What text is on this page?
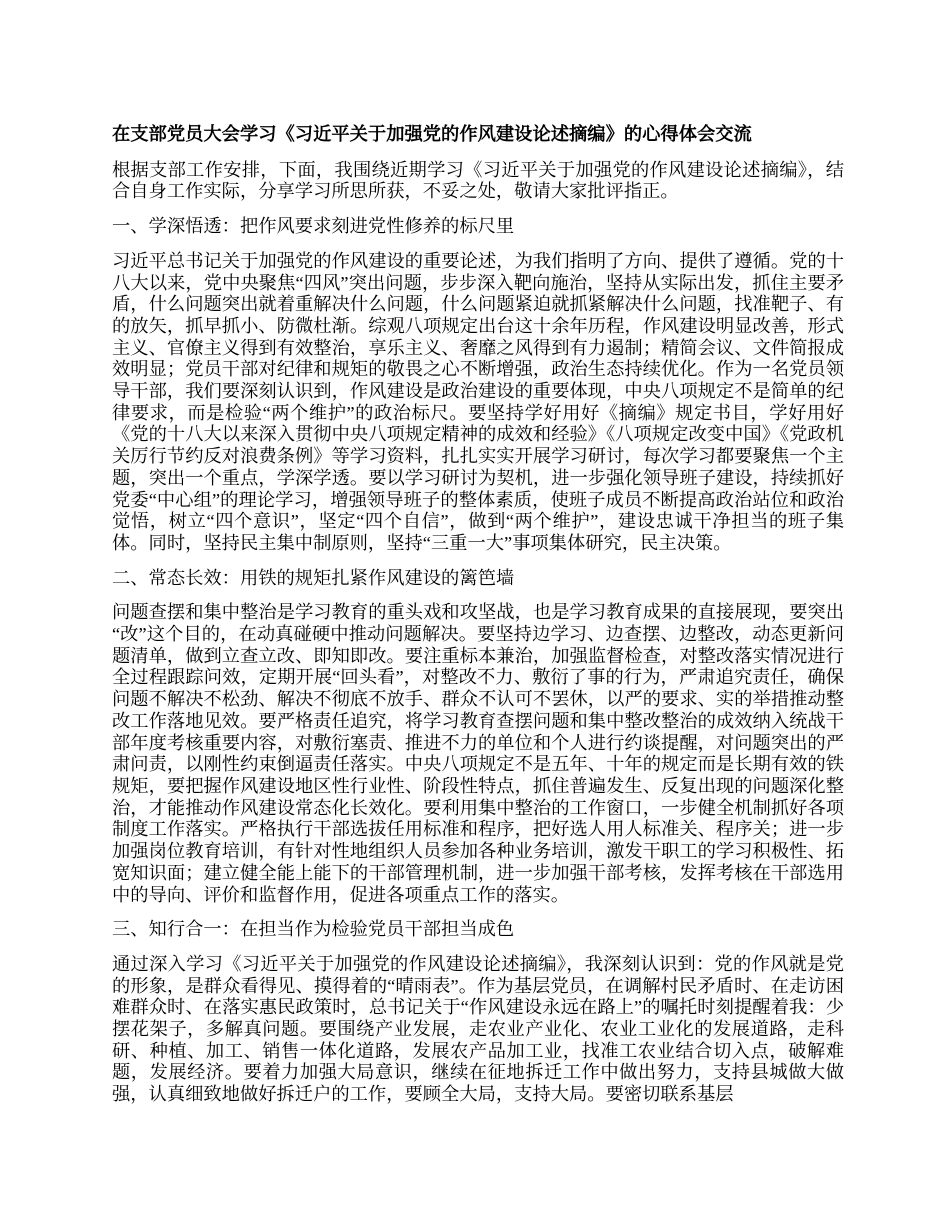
在支部党员大会学习《习近平关于加强党的作风建设论述摘编》的心得体会交流

根据支部工作安排，下面，我围绕近期学习《习近平关于加强党的作风建设论述摘编》，结合自身工作实际，分享学习所思所获，不妥之处，敬请大家批评指正。

一、学深悟透：把作风要求刻进党性修养的标尺里

习近平总书记关于加强党的作风建设的重要论述，为我们指明了方向、提供了遵循。党的十八大以来，党中央聚焦“四风”突出问题，步步深入靶向施治，坚持从实际出发，抓住主要矛盾，什么问题突出就着重解决什么问题，什么问题紧迫就抓紧解决什么问题，找准靶子、有的放矢，抓早抓小、防微杜渐。综观八项规定出台这十余年历程，作风建设明显改善，形式主义、官僚主义得到有效整治，享乐主义、奢靡之风得到有力遏制；精简会议、文件简报成效明显；党员干部对纪律和规矩的敬畏之心不断增强，政治生态持续优化。作为一名党员领导干部，我们要深刻认识到，作风建设是政治建设的重要体现，中央八项规定不是简单的纪律要求，而是检验“两个维护”的政治标尺。要坚持学好用好《摘编》规定书目，学好用好《党的十八大以来深入贯彻中央八项规定精神的成效和经验》《八项规定改变中国》《党政机关厉行节约反对浪费条例》等学习资料，扎扎实实开展学习研讨，每次学习都要聚焦一个主题，突出一个重点，学深学透。要以学习研讨为契机，进一步强化领导班子建设，持续抓好党委“中心组”的理论学习，增强领导班子的整体素质，使班子成员不断提高政治站位和政治觉悟，树立“四个意识”，坚定“四个自信”，做到“两个维护”，建设忠诚干净担当的班子集体。同时，坚持民主集中制原则，坚持“三重一大”事项集体研究，民主决策。

二、常态长效：用铁的规矩扎紧作风建设的篱笆墙

问题查摆和集中整治是学习教育的重头戏和攻坚战，也是学习教育成果的直接展现，要突出“改”这个目的，在动真碰硬中推动问题解决。要坚持边学习、边查摆、边整改，动态更新问题清单，做到立查立改、即知即改。要注重标本兼治，加强监督检查，对整改落实情况进行全过程跟踪问效，定期开展“回头看”，对整改不力、敷衍了事的行为，严肃追究责任，确保问题不解决不松劲、解决不彻底不放手、群众不认可不罢休，以严的要求、实的举措推动整改工作落地见效。要严格责任追究，将学习教育查摆问题和集中整改整治的成效纳入统战干部年度考核重要内容，对敷衍塞责、推进不力的单位和个人进行约谈提醒，对问题突出的严肃问责，以刚性约束倒逼责任落实。中央八项规定不是五年、十年的规定而是长期有效的铁规矩，要把握作风建设地区性行业性、阶段性特点，抓住普遍发生、反复出现的问题深化整治，才能推动作风建设常态化长效化。要利用集中整治的工作窗口，一步健全机制抓好各项制度工作落实。严格执行干部选拔任用标准和程序，把好选人用人标准关、程序关；进一步加强岗位教育培训，有针对性地组织人员参加各种业务培训，激发干职工的学习积极性、拓宽知识面；建立健全能上能下的干部管理机制，进一步加强干部考核，发挥考核在干部选用中的导向、评价和监督作用，促进各项重点工作的落实。

三、知行合一：在担当作为检验党员干部担当成色

通过深入学习《习近平关于加强党的作风建设论述摘编》，我深刻认识到：党的作风就是党的形象，是群众看得见、摸得着的“晴雨表”。作为基层党员，在调解村民矛盾时、在走访困难群众时、在落实惠民政策时，总书记关于“作风建设永远在路上”的嘱托时刻提醒着我：少摆花架子，多解真问题。要围绕产业发展，走农业产业化、农业工业化的发展道路，走科研、种植、加工、销售一体化道路，发展农产品加工业，找准工农业结合切入点，破解难题，发展经济。要着力加强大局意识，继续在征地拆迁工作中做出努力，支持县城做大做强，认真细致地做好拆迁户的工作，要顾全大局，支持大局。要密切联系基层
